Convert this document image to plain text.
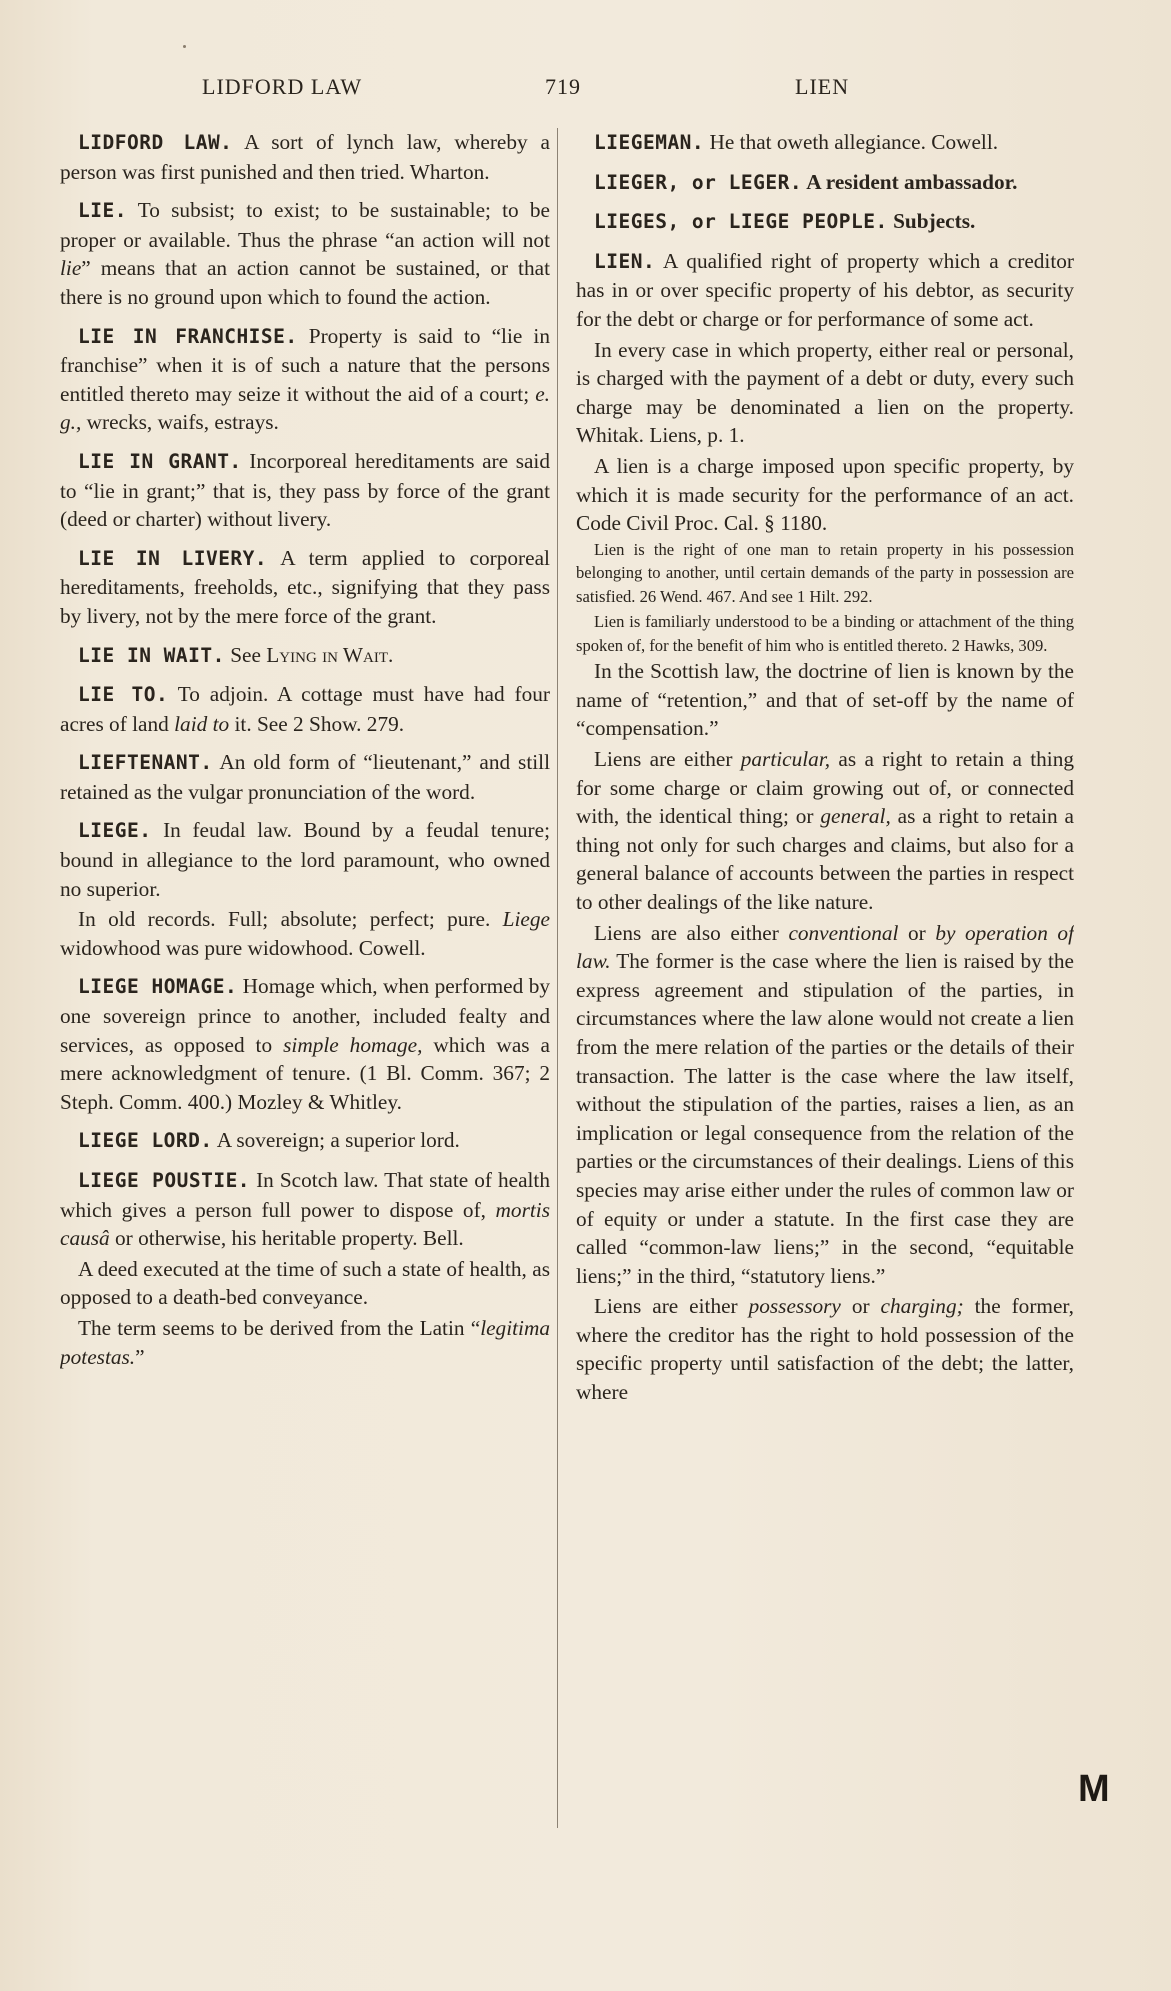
LIDFORD LAW	719	LIEN

LIDFORD LAW. A sort of lynch law, whereby a person was first punished and then tried. Wharton.

LIE. To subsist; to exist; to be sustainable; to be proper or available. Thus the phrase “an action will not lie” means that an action cannot be sustained, or that there is no ground upon which to found the action.

LIE IN FRANCHISE. Property is said to “lie in franchise” when it is of such a nature that the persons entitled thereto may seize it without the aid of a court; e. g., wrecks, waifs, estrays.

LIE IN GRANT. Incorporeal hereditaments are said to “lie in grant;” that is, they pass by force of the grant (deed or charter) without livery.

LIE IN LIVERY. A term applied to corporeal hereditaments, freeholds, etc., signifying that they pass by livery, not by the mere force of the grant.

LIE IN WAIT. See Lying in Wait.

LIE TO. To adjoin. A cottage must have had four acres of land laid to it. See 2 Show. 279.

LIEFTENANT. An old form of “lieutenant,” and still retained as the vulgar pronunciation of the word.

LIEGE. In feudal law. Bound by a feudal tenure; bound in allegiance to the lord paramount, who owned no superior.

In old records. Full; absolute; perfect; pure. Liege widowhood was pure widowhood. Cowell.

LIEGE HOMAGE. Homage which, when performed by one sovereign prince to another, included fealty and services, as opposed to simple homage, which was a mere acknowledgment of tenure. (1 Bl. Comm. 367; 2 Steph. Comm. 400.) Mozley & Whitley.

LIEGE LORD. A sovereign; a superior lord.

LIEGE POUSTIE. In Scotch law. That state of health which gives a person full power to dispose of, mortis causâ or otherwise, his heritable property. Bell.

A deed executed at the time of such a state of health, as opposed to a death-bed conveyance.

The term seems to be derived from the Latin “legitima potestas.”

LIEGEMAN. He that oweth allegiance. Cowell.

LIEGER, or LEGER. A resident ambassador.

LIEGES, or LIEGE PEOPLE. Subjects.

LIEN. A qualified right of property which a creditor has in or over specific property of his debtor, as security for the debt or charge or for performance of some act.

In every case in which property, either real or personal, is charged with the payment of a debt or duty, every such charge may be denominated a lien on the property. Whitak. Liens, p. 1.

A lien is a charge imposed upon specific property, by which it is made security for the performance of an act. Code Civil Proc. Cal. § 1180.

Lien is the right of one man to retain property in his possession belonging to another, until certain demands of the party in possession are satisfied. 26 Wend. 467. And see 1 Hilt. 292.

Lien is familiarly understood to be a binding or attachment of the thing spoken of, for the benefit of him who is entitled thereto. 2 Hawks, 309.

In the Scottish law, the doctrine of lien is known by the name of “retention,” and that of set-off by the name of “compensation.”

Liens are either particular, as a right to retain a thing for some charge or claim growing out of, or connected with, the identical thing; or general, as a right to retain a thing not only for such charges and claims, but also for a general balance of accounts between the parties in respect to other dealings of the like nature.

Liens are also either conventional or by operation of law. The former is the case where the lien is raised by the express agreement and stipulation of the parties, in circumstances where the law alone would not create a lien from the mere relation of the parties or the details of their transaction. The latter is the case where the law itself, without the stipulation of the parties, raises a lien, as an implication or legal consequence from the relation of the parties or the circumstances of their dealings. Liens of this species may arise either under the rules of common law or of equity or under a statute. In the first case they are called “common-law liens;” in the second, “equitable liens;” in the third, “statutory liens.”

Liens are either possessory or charging; the former, where the creditor has the right to hold possession of the specific property until satisfaction of the debt; the latter, where

M
